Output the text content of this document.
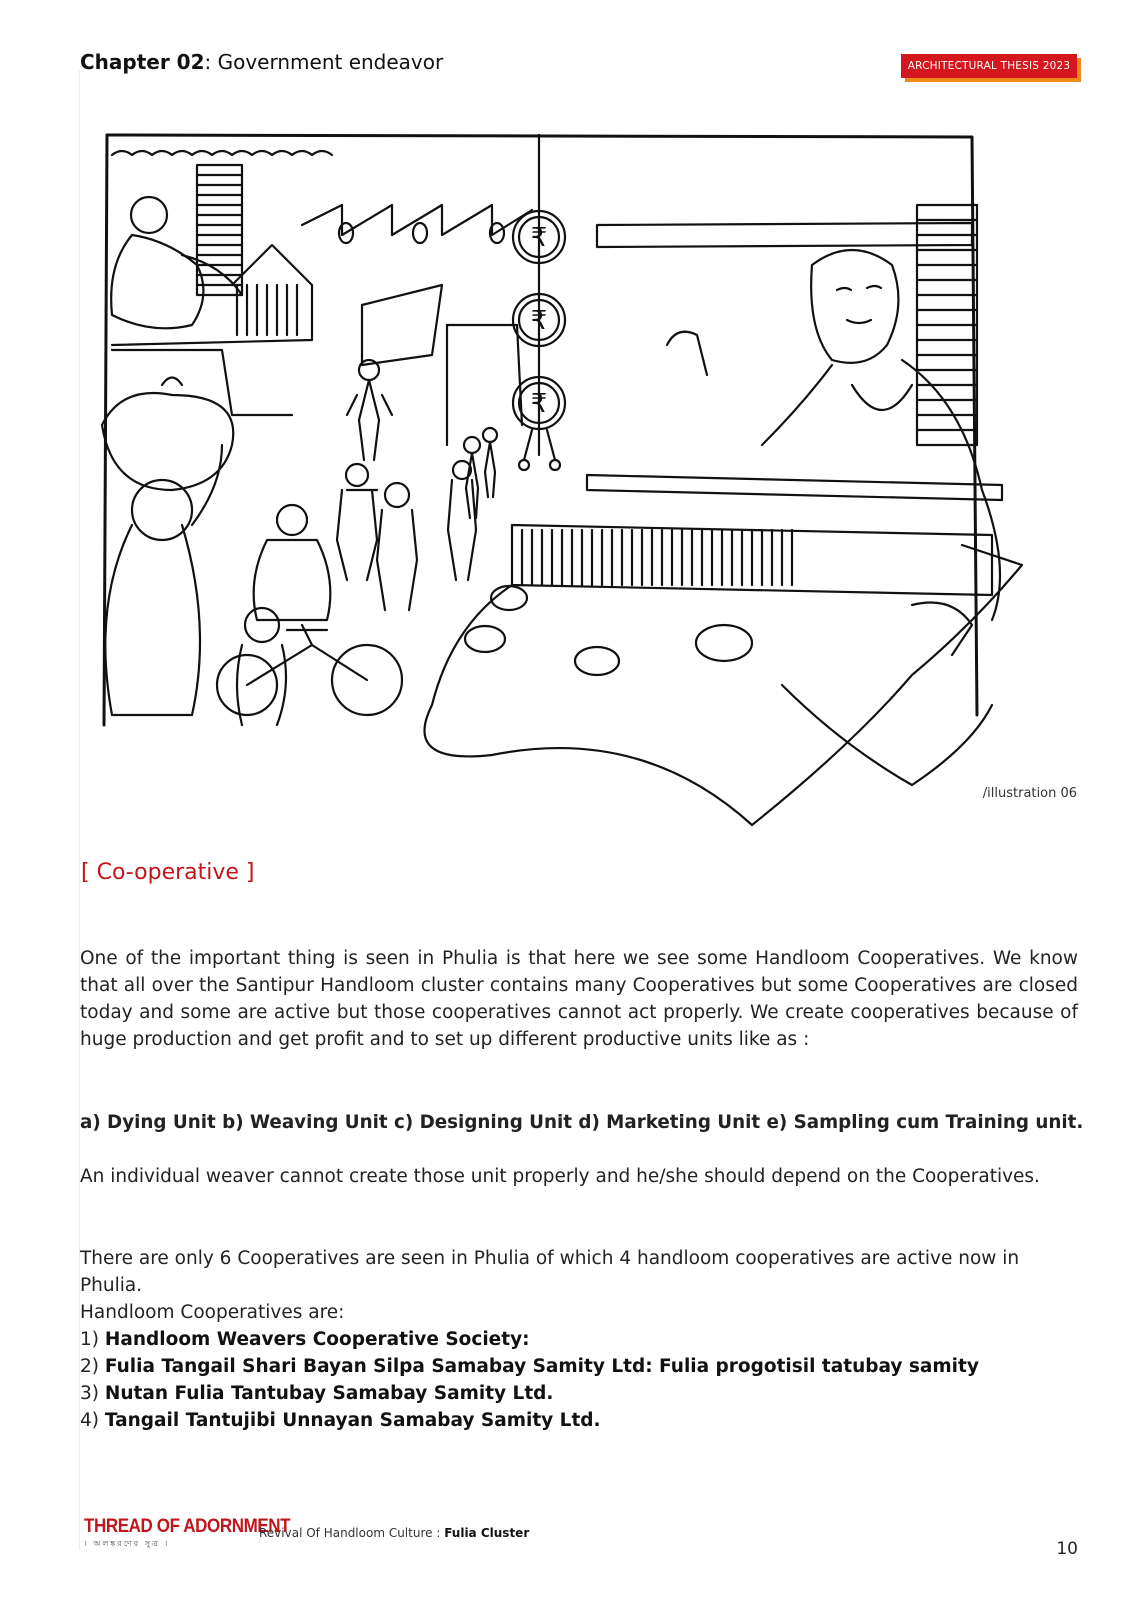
Chapter 02: Government endeavor	ARCHITECTURAL THESIS 2023
₹
₹
₹
/illustration 06
[ Co-operative ]
One of the important thing is seen in Phulia is that here we see some Handloom Cooperatives. We know that all over the Santipur Handloom cluster contains many Cooperatives but some Cooperatives are closed today and some are active but those cooperatives cannot act properly. We create cooperatives because of huge production and get profit and to set up different productive units like as :
a) Dying Unit b) Weaving Unit c) Designing Unit d) Marketing Unit e) Sampling cum Training unit.
An individual weaver cannot create those unit properly and he/she should depend on the Cooperatives.
There are only 6 Cooperatives are seen in Phulia of which 4 handloom cooperatives are active now in Phulia.
Handloom Cooperatives are:
1) Handloom Weavers Cooperative Society:
2) Fulia Tangail Shari Bayan Silpa Samabay Samity Ltd: Fulia progotisil tatubay samity
3) Nutan Fulia Tantubay Samabay Samity Ltd.
4) Tangail Tantujibi Unnayan Samabay Samity Ltd.
THREAD OF ADORNMENT
। অলঙ্করণের সুত্র ।
Revival Of Handloom Culture : Fulia Cluster
10
